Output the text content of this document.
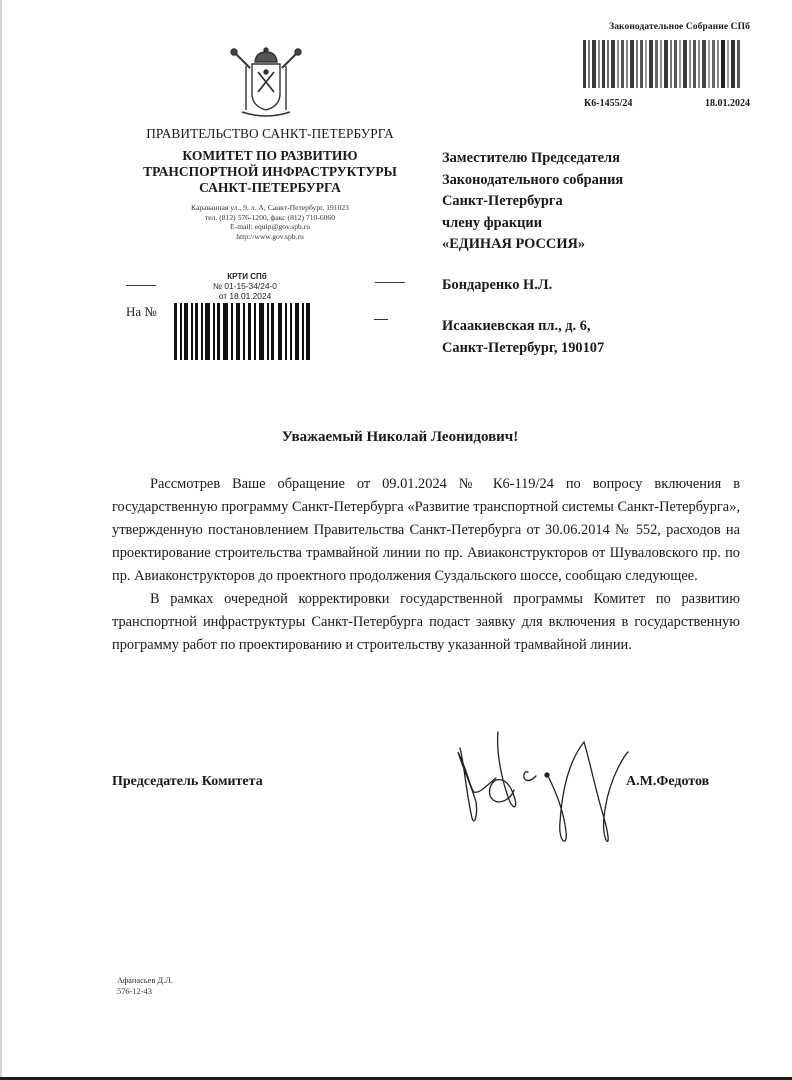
Законодательное Собрание СПб
К6-1455/24	18.01.2024
ПРАВИТЕЛЬСТВО САНКТ-ПЕТЕРБУРГА
КОМИТЕТ ПО РАЗВИТИЮ
ТРАНСПОРТНОЙ ИНФРАСТРУКТУРЫ
САНКТ-ПЕТЕРБУРГА
Караванная ул., 9, л. А, Санкт-Петербург, 191023
тел. (812) 576-1200, факс (812) 710-6060
E-mail: equip@gov.spb.ru
http://www.gov.spb.ru
На №
КРТИ СПб
№ 01-15-34/24-0
от 18.01.2024
Заместителю Председателя
Законодательного собрания
Санкт-Петербурга
члену фракции
«ЕДИНАЯ РОССИЯ»
Бондаренко Н.Л.
Исаакиевская пл., д. 6,
Санкт-Петербург, 190107
Уважаемый Николай Леонидович!

Рассмотрев Ваше обращение от 09.01.2024 № К6-119/24 по вопросу включения в государственную программу Санкт-Петербурга «Развитие транспортной системы Санкт-Петербурга», утвержденную постановлением Правительства Санкт-Петербурга от 30.06.2014 № 552, расходов на проектирование строительства трамвайной линии по пр. Авиаконструкторов от Шуваловского пр. по пр. Авиаконструкторов до проектного продолжения Суздальского шоссе, сообщаю следующее.

В рамках очередной корректировки государственной программы Комитет по развитию транспортной инфраструктуры Санкт-Петербурга подаст заявку для включения в государственную программу работ по проектированию и строительству указанной трамвайной линии.

Председатель Комитета	А.М.Федотов
Афанасьев Д.Л.
576-12-43
